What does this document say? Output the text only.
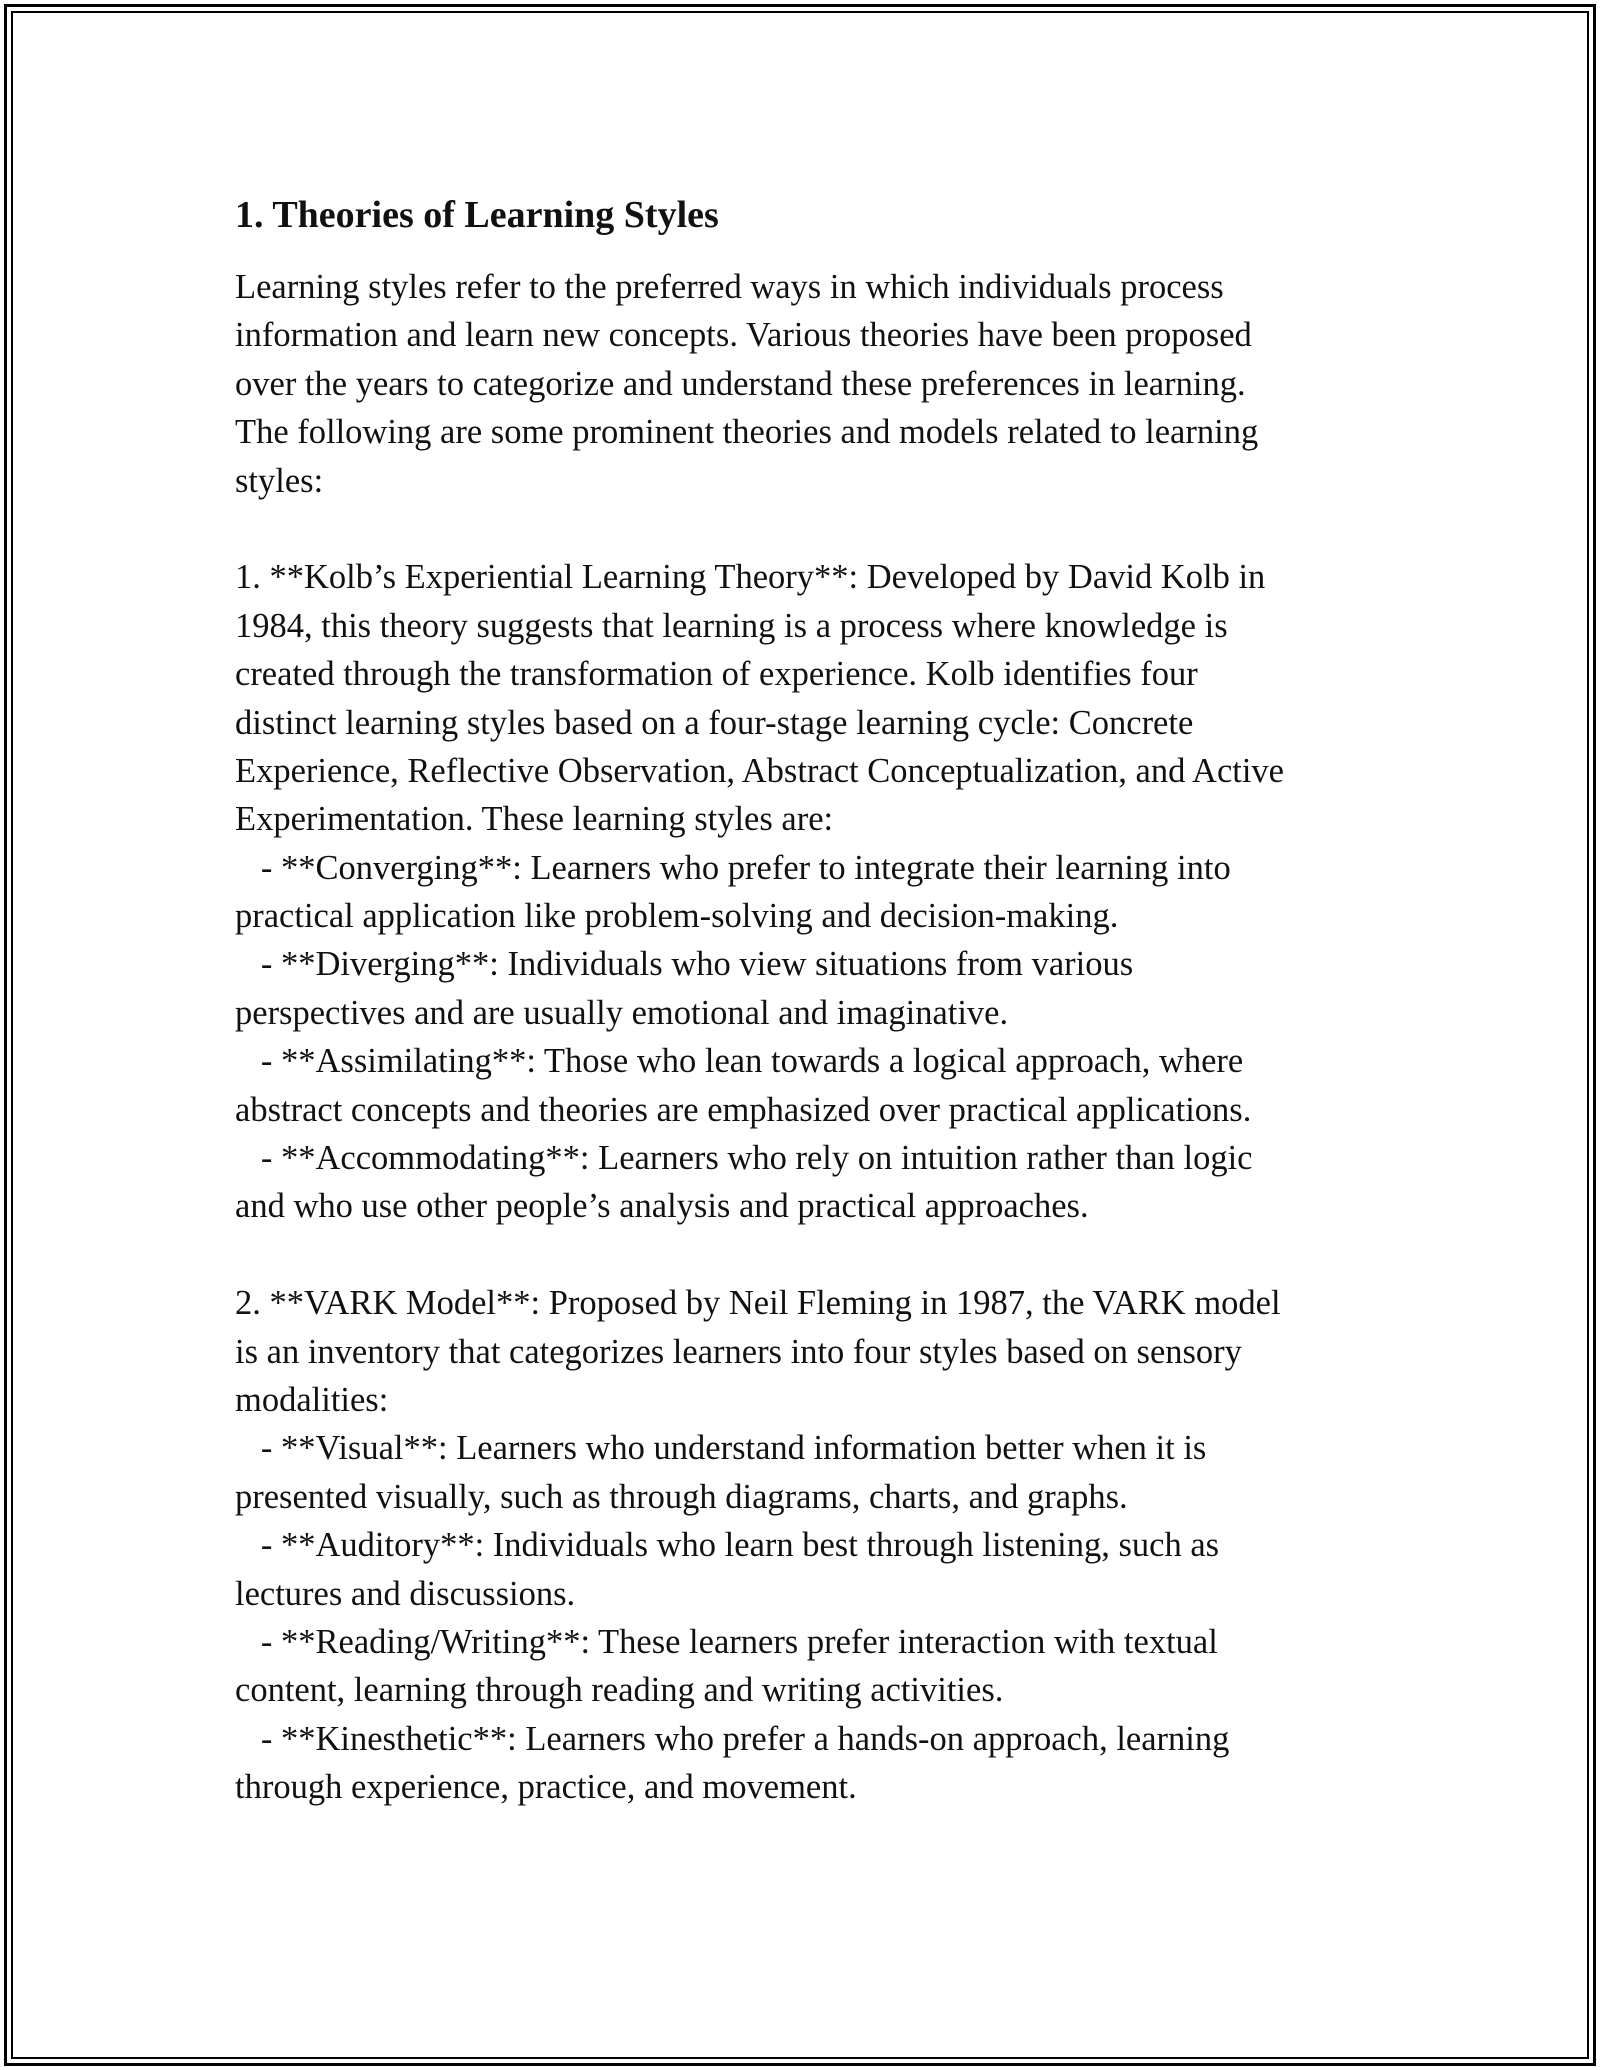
1. Theories of Learning Styles
Learning styles refer to the preferred ways in which individuals process
information and learn new concepts. Various theories have been proposed
over the years to categorize and understand these preferences in learning.
The following are some prominent theories and models related to learning
styles:
1. **Kolb’s Experiential Learning Theory**: Developed by David Kolb in
1984, this theory suggests that learning is a process where knowledge is
created through the transformation of experience. Kolb identifies four
distinct learning styles based on a four-stage learning cycle: Concrete
Experience, Reflective Observation, Abstract Conceptualization, and Active
Experimentation. These learning styles are:
- **Converging**: Learners who prefer to integrate their learning into
practical application like problem-solving and decision-making.
- **Diverging**: Individuals who view situations from various
perspectives and are usually emotional and imaginative.
- **Assimilating**: Those who lean towards a logical approach, where
abstract concepts and theories are emphasized over practical applications.
- **Accommodating**: Learners who rely on intuition rather than logic
and who use other people’s analysis and practical approaches.
2. **VARK Model**: Proposed by Neil Fleming in 1987, the VARK model
is an inventory that categorizes learners into four styles based on sensory
modalities:
- **Visual**: Learners who understand information better when it is
presented visually, such as through diagrams, charts, and graphs.
- **Auditory**: Individuals who learn best through listening, such as
lectures and discussions.
- **Reading/Writing**: These learners prefer interaction with textual
content, learning through reading and writing activities.
- **Kinesthetic**: Learners who prefer a hands-on approach, learning
through experience, practice, and movement.
